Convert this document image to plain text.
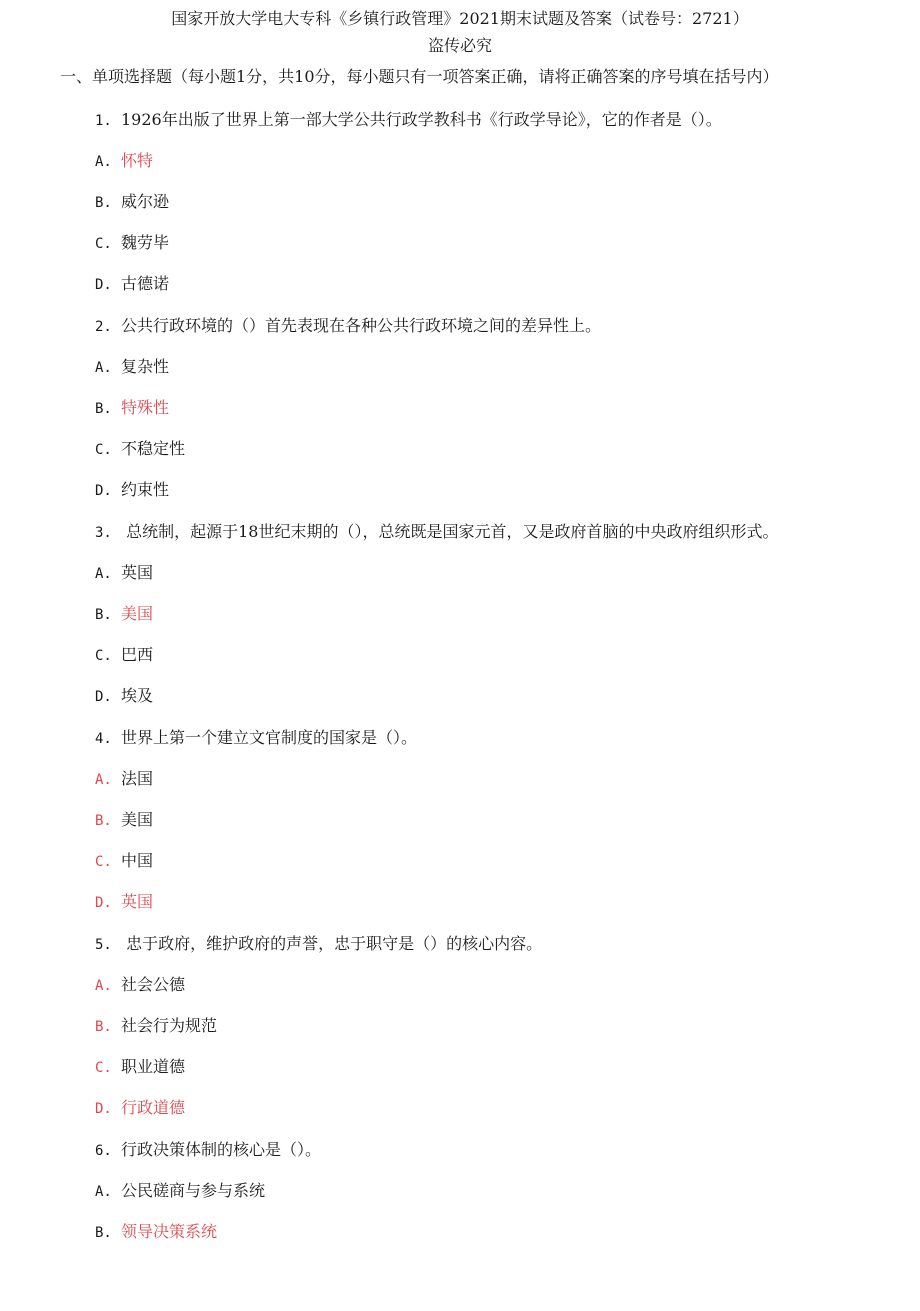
国家开放大学电大专科《乡镇行政管理》2021期末试题及答案（试卷号：2721）
盗传必究
一、单项选择题（每小题1分，共10分，每小题只有一项答案正确，请将正确答案的序号填在括号内）
1. 1926年出版了世界上第一部大学公共行政学教科书《行政学导论》，它的作者是（）。
A. 怀特
B. 威尔逊
C. 魏劳毕
D. 古德诺
2. 公共行政环境的（）首先表现在各种公共行政环境之间的差异性上。
A. 复杂性
B. 特殊性
C. 不稳定性
D. 约束性
3. 总统制，起源于18世纪末期的（），总统既是国家元首，又是政府首脑的中央政府组织形式。
A. 英国
B. 美国
C. 巴西
D. 埃及
4. 世界上第一个建立文官制度的国家是（）。
A. 法国
B. 美国
C. 中国
D. 英国
5. 忠于政府，维护政府的声誉，忠于职守是（）的核心内容。
A. 社会公德
B. 社会行为规范
C. 职业道德
D. 行政道德
6. 行政决策体制的核心是（）。
A. 公民磋商与参与系统
B. 领导决策系统
